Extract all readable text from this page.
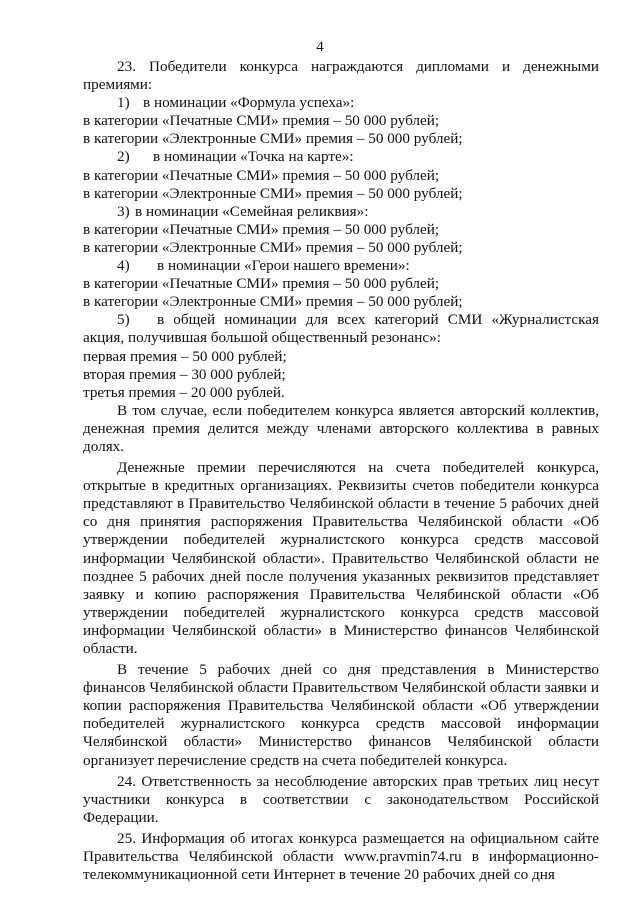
4

23. Победители конкурса награждаются дипломами и денежными премиями:

1) в номинации «Формула успеха»:

в категории «Печатные СМИ» премия – 50 000 рублей;

в категории «Электронные СМИ» премия – 50 000 рублей;

2) в номинации «Точка на карте»:

в категории «Печатные СМИ» премия – 50 000 рублей;

в категории «Электронные СМИ» премия – 50 000 рублей;

3) в номинации «Семейная реликвия»:

в категории «Печатные СМИ» премия – 50 000 рублей;

в категории «Электронные СМИ» премия – 50 000 рублей;

4) в номинации «Герои нашего времени»:

в категории «Печатные СМИ» премия – 50 000 рублей;

в категории «Электронные СМИ» премия – 50 000 рублей;

5) в общей номинации для всех категорий СМИ «Журналистская акция, получившая большой общественный резонанс»:

первая премия – 50 000 рублей;

вторая премия – 30 000 рублей;

третья премия – 20 000 рублей.

В том случае, если победителем конкурса является авторский коллектив, денежная премия делится между членами авторского коллектива в равных долях.

Денежные премии перечисляются на счета победителей конкурса, открытые в кредитных организациях. Реквизиты счетов победители конкурса представляют в Правительство Челябинской области в течение 5 рабочих дней со дня принятия распоряжения Правительства Челябинской области «Об утверждении победителей журналистского конкурса средств массовой информации Челябинской области». Правительство Челябинской области не позднее 5 рабочих дней после получения указанных реквизитов представляет заявку и копию распоряжения Правительства Челябинской области «Об утверждении победителей журналистского конкурса средств массовой информации Челябинской области» в Министерство финансов Челябинской области.

В течение 5 рабочих дней со дня представления в Министерство финансов Челябинской области Правительством Челябинской области заявки и копии распоряжения Правительства Челябинской области «Об утверждении победителей журналистского конкурса средств массовой информации Челябинской области» Министерство финансов Челябинской области организует перечисление средств на счета победителей конкурса.

24. Ответственность за несоблюдение авторских прав третьих лиц несут участники конкурса в соответствии с законодательством Российской Федерации.

25. Информация об итогах конкурса размещается на официальном сайте Правительства Челябинской области www.pravmin74.ru в информационно-телекоммуникационной сети Интернет в течение 20 рабочих дней со дня
